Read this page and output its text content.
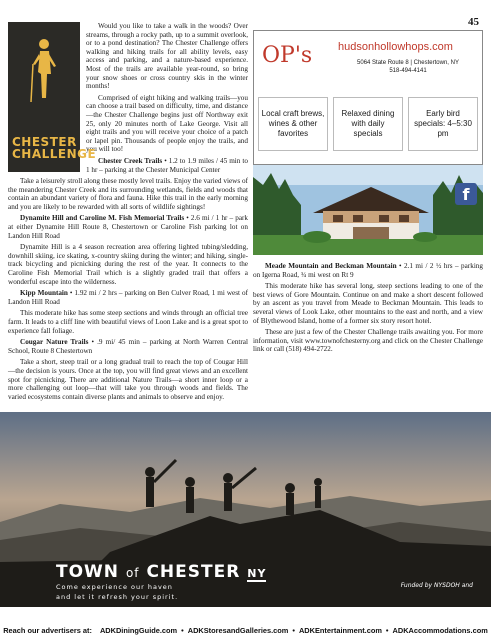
45
CHESTER
CHALLENGE

Would you like to take a walk in the woods? Over streams, through a rocky path, up to a summit overlook, or to a pond destination? The Chester Challenge offers walking and hiking trails for all ability levels, easy access and parking, and a nature-based experience. Most of the trails are available year-round, so bring your snow shoes or cross country skis in the winter months!

Comprised of eight hiking and walking trails—you can choose a trail based on difficulty, time, and distance—the Chester Challenge begins just off Northway exit 25, only 20 minutes north of Lake George. Visit all eight trails and you will receive your choice of a patch or lapel pin. Thousands of people enjoy the trails, and you will too!

Chester Creek Trails • 1.2 to 1.9 miles / 45 min to 1 hr – parking at the Chester Municipal Center

Take a leisurely stroll along these mostly level trails. Enjoy the varied views of the meandering Chester Creek and its surrounding wetlands, fields and woods that contain an abundant variety of flora and fauna. Hike this trail in the early morning and you are likely to be rewarded with all sorts of wildlife sightings!

Dynamite Hill and Caroline M. Fish Memorial Trails • 2.6 mi / 1 hr – park at either Dynamite Hill Route 8, Chestertown or Caroline Fish parking lot on Landon Hill Road

Dynamite Hill is a 4 season recreation area offering lighted tubing/sledding, downhill skiing, ice skating, x-country skiing during the winter; and hiking, single-track bicycling and picnicking during the rest of the year. It connects to the Caroline Fish Memorial Trail which is a slightly graded trail that offers a wonderful escape into the wilderness.

Kipp Mountain • 1.92 mi / 2 hrs – parking on Ben Culver Road, 1 mi west of Landon Hill Road

This moderate hike has some steep sections and winds through an official tree farm. It leads to a cliff line with beautiful views of Loon Lake and is a great spot to experience fall foliage.

Cougar Nature Trails • .9 mi/ 45 min – parking at North Warren Central School, Route 8 Chestertown

Take a short, steep trail or a long gradual trail to reach the top of Cougar Hill—the decision is yours. Once at the top, you will find great views and an excellent spot for picnicking. There are additional Nature Trails—a short inner loop or a more challenging out loop—that will take you through woods and fields. The varied ecosystems contain diverse plants and animals to observe and enjoy.

OP's hudsonhollowhops.com
5064 State Route 8 | Chestertown, NY
518-494-4141
Local craft brews, wines & other favorites
Relaxed dining with daily specials
Early bird specials: 4–5:30 pm
f

Meade Mountain and Beckman Mountain • 2.1 mi / 2 ½ hrs – parking on Igerna Road, ¾ mi west on Rt 9

This moderate hike has several long, steep sections leading to one of the best views of Gore Mountain. Continue on and make a short descent followed by an ascent as you travel from Meade to Beckman Mountain. This leads to several views of Look Lake, other mountains to the east and north, and a view of Blythewood Island, home of a former six story resort hotel.

These are just a few of the Chester Challenge trails awaiting you. For more information, visit www.townofchesterny.org and click on the Chester Challenge link or call (518) 494-2722.

TOWN of CHESTER NY
Come experience our haven
and let it refresh your spirit.
Funded by NYSDOH and
Reach our advertisers at: ADKDiningGuide.com • ADKStoresandGalleries.com • ADKEntertainment.com • ADKAccommodations.com
